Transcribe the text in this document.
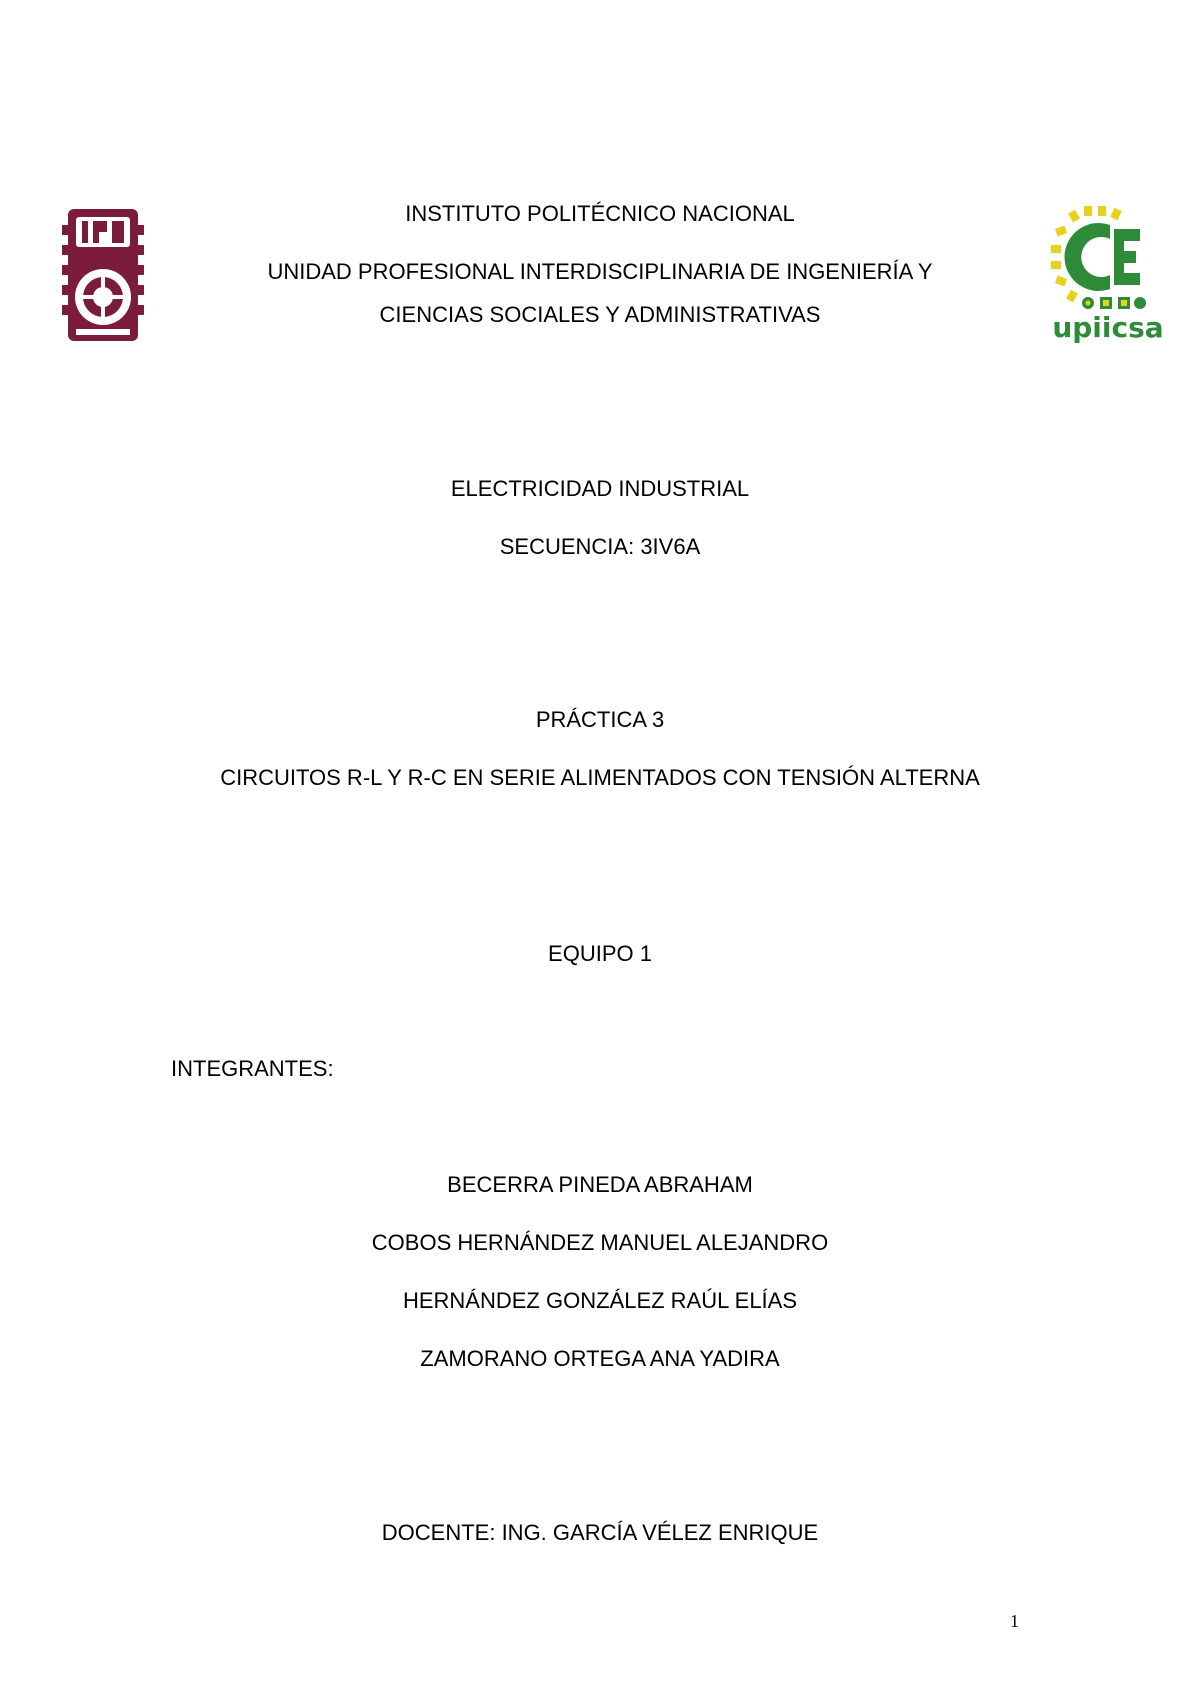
upiicsa
INSTITUTO POLITÉCNICO NACIONAL
UNIDAD PROFESIONAL INTERDISCIPLINARIA DE INGENIERÍA Y
CIENCIAS SOCIALES Y ADMINISTRATIVAS
ELECTRICIDAD INDUSTRIAL
SECUENCIA: 3IV6A
PRÁCTICA 3
CIRCUITOS R-L Y R-C EN SERIE ALIMENTADOS CON TENSIÓN ALTERNA
EQUIPO 1
INTEGRANTES:
BECERRA PINEDA ABRAHAM
COBOS HERNÁNDEZ MANUEL ALEJANDRO
HERNÁNDEZ GONZÁLEZ RAÚL ELÍAS
ZAMORANO ORTEGA ANA YADIRA
DOCENTE: ING. GARCÍA VÉLEZ ENRIQUE
1
